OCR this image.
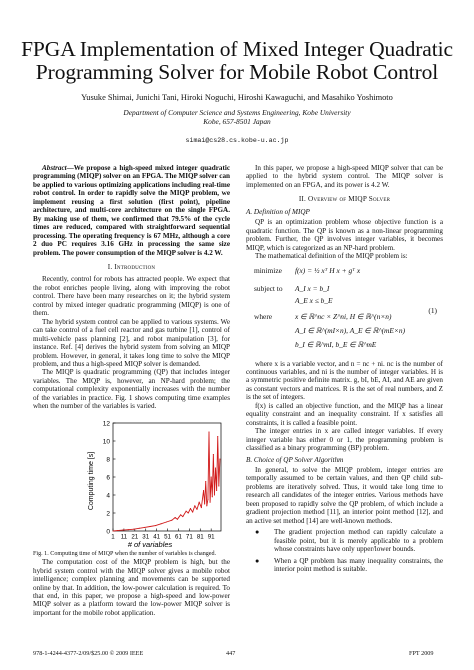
FPGA Implementation of Mixed Integer Quadratic
Programming Solver for Mobile Robot Control
Yusuke Shimai, Junichi Tani, Hiroki Noguchi, Hiroshi Kawaguchi, and Masahiko Yoshimoto
Department of Computer Science and Systems Engineering, Kobe University
Kobe, 657-8501 Japan
simai@cs28.cs.kobe-u.ac.jp

Abstract—We propose a high-speed mixed integer quadratic programming (MIQP) solver on an FPGA. The MIQP solver can be applied to various optimizing applications including real-time robot control. In order to rapidly solve the MIQP problem, we implement reusing a first solution (first point), pipeline architecture, and multi-core architecture on the single FPGA. By making use of them, we confirmed that 79.5% of the cycle times are reduced, compared with straightforward sequential processing. The operating frequency is 67 MHz, although a core 2 duo PC requires 3.16 GHz in processing the same size problem. The power consumption of the MIQP solver is 4.2 W.

I. Introduction

Recently, control for robots has attracted people. We expect that the robot enriches people living, along with improving the robot control. There have been many researches on it; the hybrid system control by mixed integer quadratic programming (MIQP) is one of them.

The hybrid system control can be applied to various systems. We can take control of a fuel cell reactor and gas turbine [1], control of multi-vehicle pass planning [2], and robot manipulation [3], for instance. Ref. [4] derives the hybrid system from solving an MIQP problem. However, in general, it takes long time to solve the MIQP problem, and thus a high-speed MIQP solver is demanded.

The MIQP is quadratic programming (QP) that includes integer variables. The MIQP is, however, an NP-hard problem; the computational complexity exponentially increases with the number of the variables in practice. Fig. 1 shows computing time examples when the number of the variables is varied.

0
2
4
6
8
10
12
1 11 21 31 41 51 61 71 81 91
Computing time [s]
# of variables

Fig. 1. Computing time of MIQP when the number of variables is changed.

The computation cost of the MIQP problem is high, but the hybrid system control with the MIQP solver gives a mobile robot intelligence; complex planning and movements can be supported online by that. In addition, the low-power calculation is required. To that end, in this paper, we propose a high-speed and low-power MIQP solver as a platform toward the low-power MIQP solver is important for the mobile robot application.

In this paper, we propose a high-speed MIQP solver that can be applied to the hybrid system control. The MIQP solver is implemented on an FPGA, and its power is 4.2 W.

II. Overview of MIQP Solver
A. Definition of MIQP

QP is an optimization problem whose objective function is a quadratic function. The QP is known as a non-linear programming problem. Further, the QP involves integer variables, it becomes MIQP, which is categorized as an NP-hard problem.

The mathematical definition of the MIQP problem is:

minimize f(x) = ½ xᵀ H x + gᵀ x
subject to A_I x = b_I
A_E x ≤ b_E
where	x ∈ ℝ^nc × Z^ni, H ∈ ℝ^(n×n)
A_I ∈ ℝ^(mI×n), A_E ∈ ℝ^(mE×n)
b_I ∈ ℝ^mI, b_E ∈ ℝ^mE
(1)

where x is a variable vector, and n = nc + ni. nc is the number of continuous variables, and ni is the number of integer variables. H is a symmetric positive definite matrix. g, bI, bE, AI, and AE are given as constant vectors and matrices. R is the set of real numbers, and Z is the set of integers.

f(x) is called an objective function, and the MIQP has a linear equality constraint and an inequality constraint. If x satisfies all constraints, it is called a feasible point.

The integer entries in x are called integer variables. If every integer variable has either 0 or 1, the programming problem is classified as a binary programming (BP) problem.

B. Choice of QP Solver Algorithm

In general, to solve the MIQP problem, integer entries are temporally assumed to be certain values, and then QP child sub-problems are iteratively solved. Thus, it would take long time to research all candidates of the integer entries. Various methods have been proposed to rapidly solve the QP problem, of which include a gradient projection method [11], an interior point method [12], and an active set method [14] are well-known methods.

● The gradient projection method can rapidly calculate a feasible point, but it is merely applicable to a problem whose constraints have only upper/lower bounds.
● When a QP problem has many inequality constraints, the interior point method is suitable.
978-1-4244-4377-2/09/$25.00 © 2009 IEEE	447	FPT 2009
